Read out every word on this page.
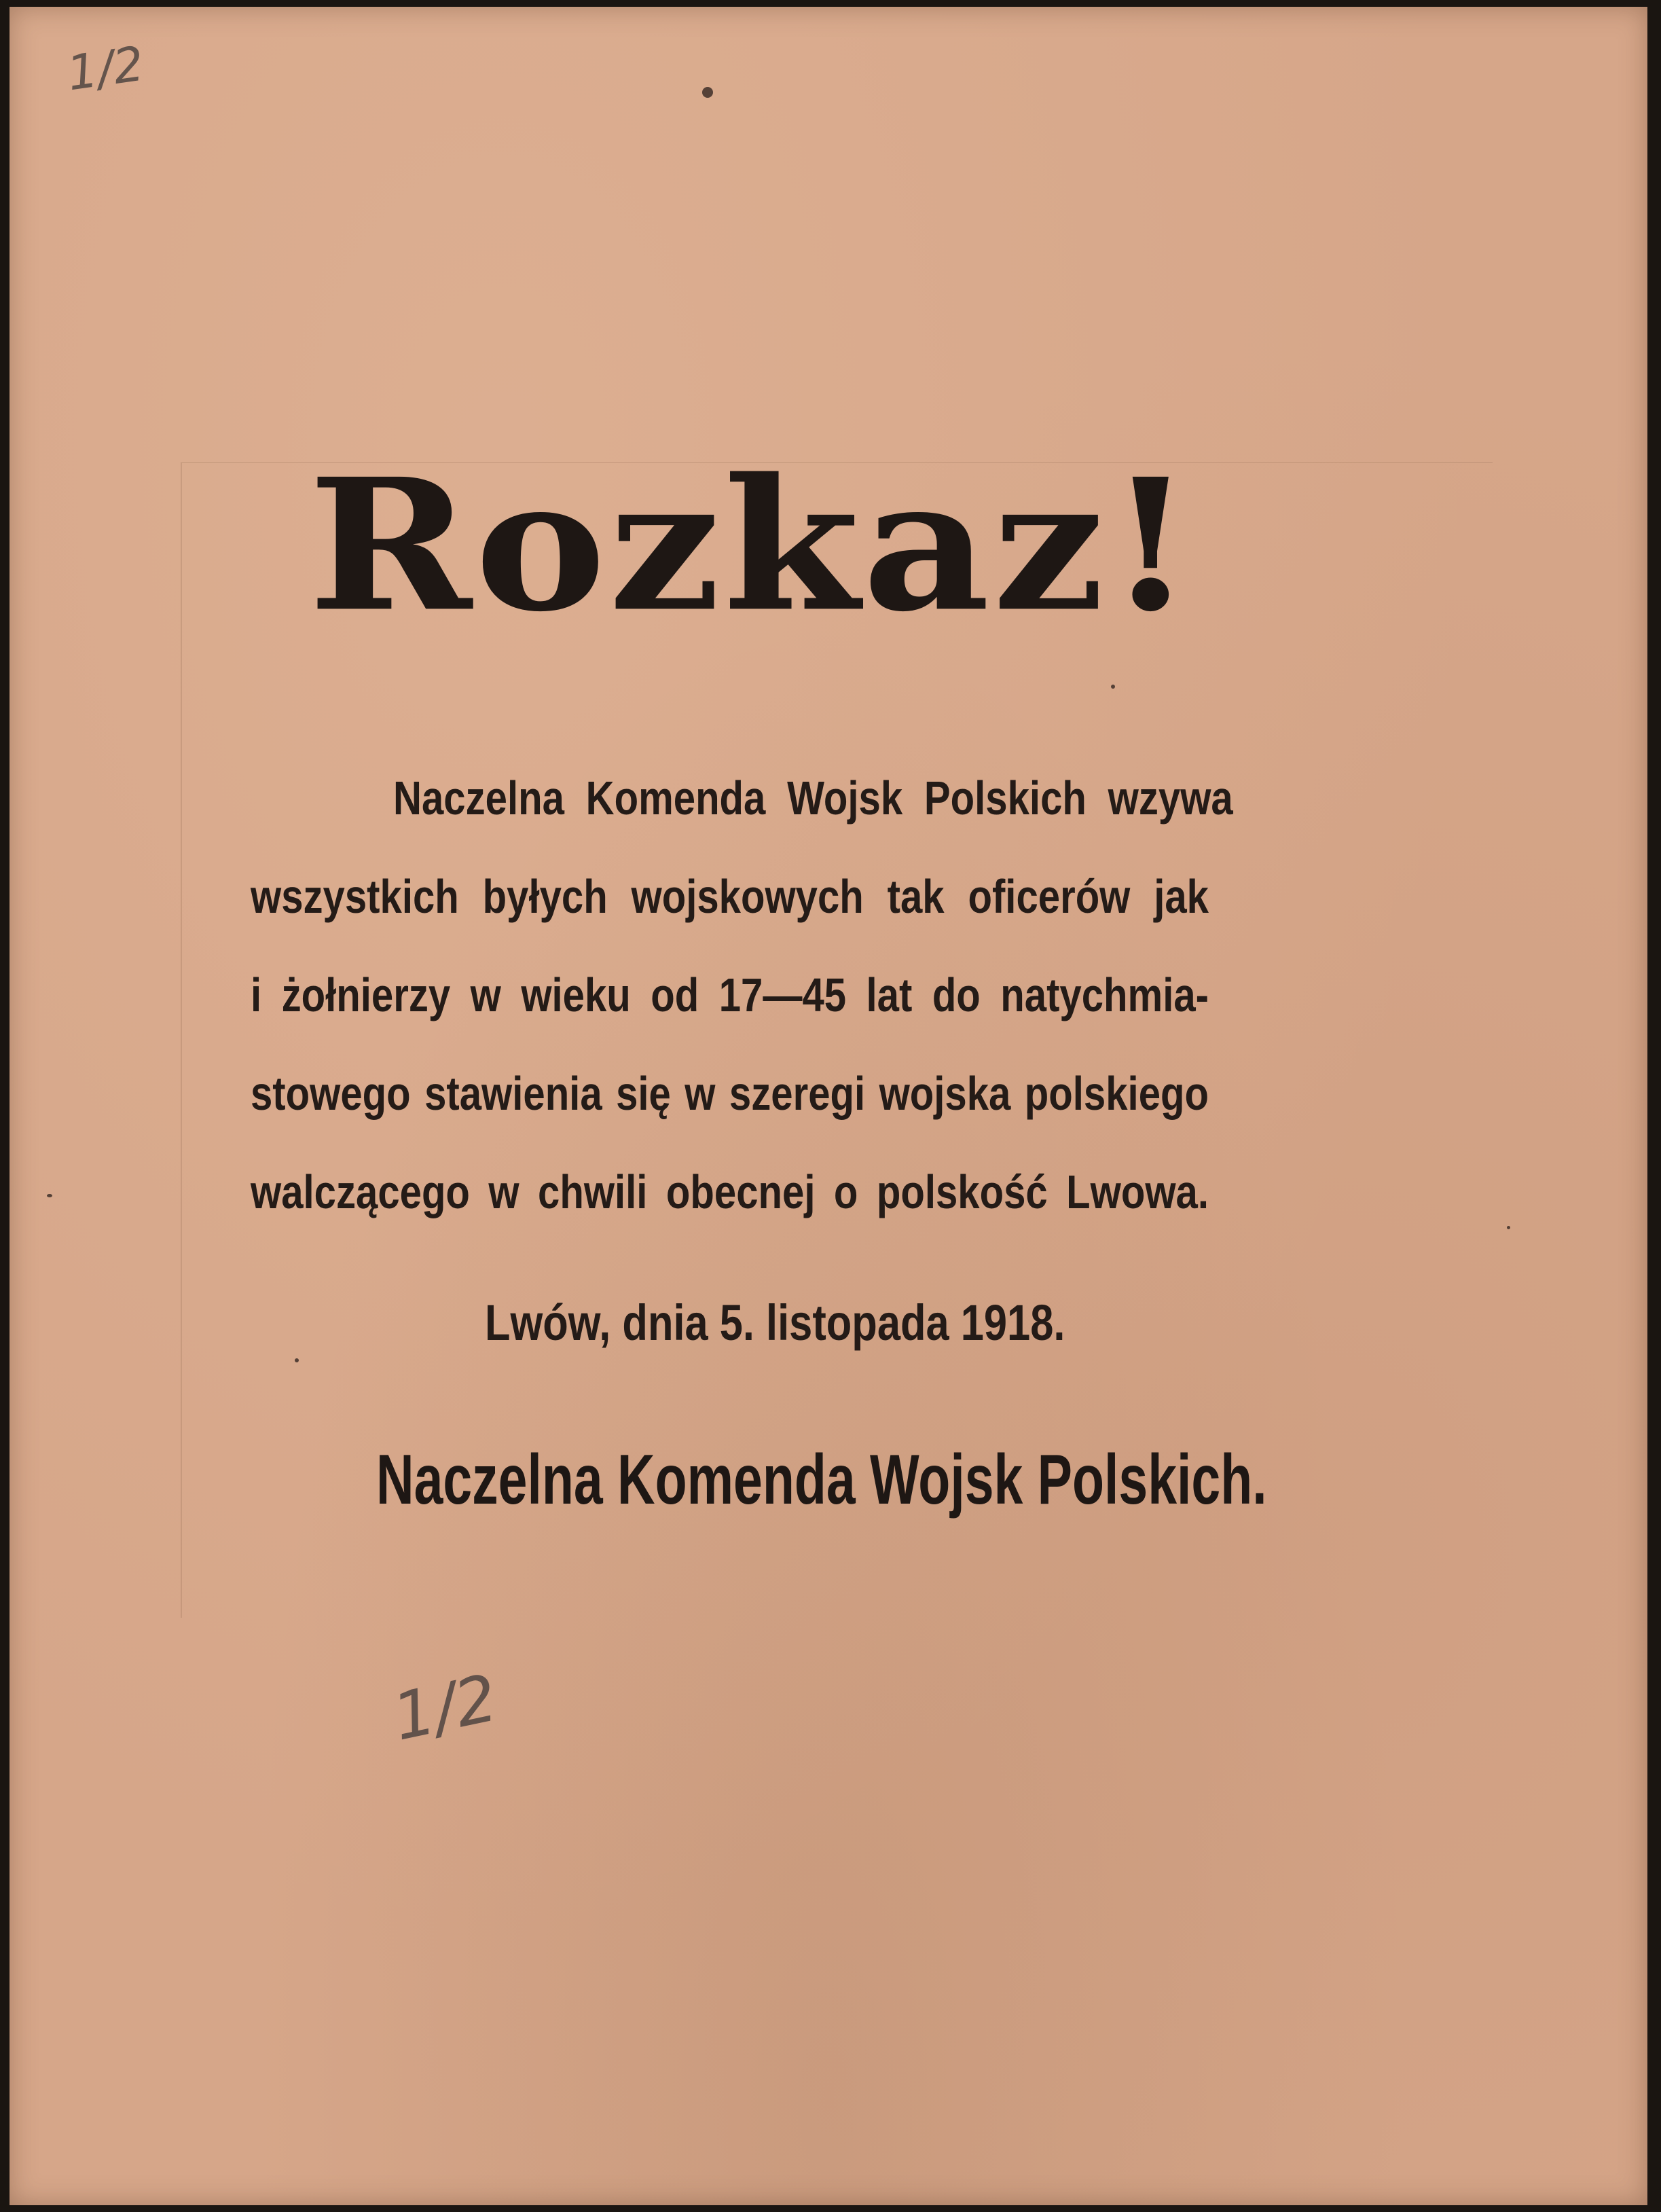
1/2
Rozkaz!
Naczelna Komenda Wojsk Polskich wzywa
wszystkich byłych wojskowych tak oficerów jak
i żołnierzy w wieku od 17—45 lat do natychmia-
stowego stawienia się w szeregi wojska polskiego
walczącego w chwili obecnej o polskość Lwowa.
Lwów, dnia 5. listopada 1918.
Naczelna Komenda Wojsk Polskich.
1/2
